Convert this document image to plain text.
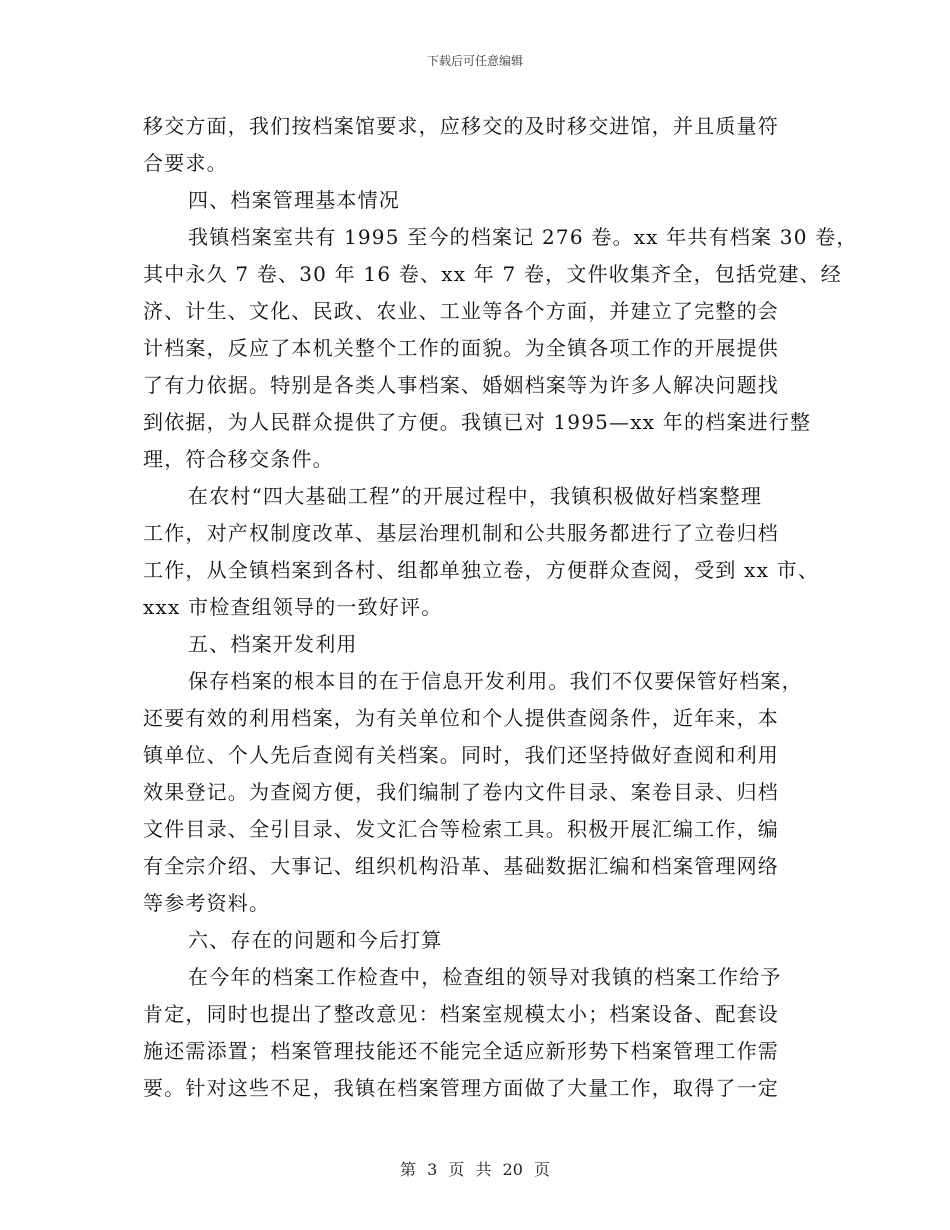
下载后可任意编辑
移交方面，我们按档案馆要求，应移交的及时移交进馆，并且质量符
合要求。
四、档案管理基本情况
我镇档案室共有 1995 至今的档案记 276 卷。xx 年共有档案 30 卷，
其中永久 7 卷、30 年 16 卷、xx 年 7 卷，文件收集齐全，包括党建、经
济、计生、文化、民政、农业、工业等各个方面，并建立了完整的会
计档案，反应了本机关整个工作的面貌。为全镇各项工作的开展提供
了有力依据。特别是各类人事档案、婚姻档案等为许多人解决问题找
到依据，为人民群众提供了方便。我镇已对 1995—xx 年的档案进行整
理，符合移交条件。
在农村“四大基础工程”的开展过程中，我镇积极做好档案整理
工作，对产权制度改革、基层治理机制和公共服务都进行了立卷归档
工作，从全镇档案到各村、组都单独立卷，方便群众查阅，受到 xx 市、
xxx 市检查组领导的一致好评。
五、档案开发利用
保存档案的根本目的在于信息开发利用。我们不仅要保管好档案，
还要有效的利用档案，为有关单位和个人提供查阅条件，近年来，本
镇单位、个人先后查阅有关档案。同时，我们还坚持做好查阅和利用
效果登记。为查阅方便，我们编制了卷内文件目录、案卷目录、归档
文件目录、全引目录、发文汇合等检索工具。积极开展汇编工作，编
有全宗介绍、大事记、组织机构沿革、基础数据汇编和档案管理网络
等参考资料。
六、存在的问题和今后打算
在今年的档案工作检查中，检查组的领导对我镇的档案工作给予
肯定，同时也提出了整改意见：档案室规模太小；档案设备、配套设
施还需添置；档案管理技能还不能完全适应新形势下档案管理工作需
要。针对这些不足，我镇在档案管理方面做了大量工作，取得了一定
第 3 页 共 20 页
